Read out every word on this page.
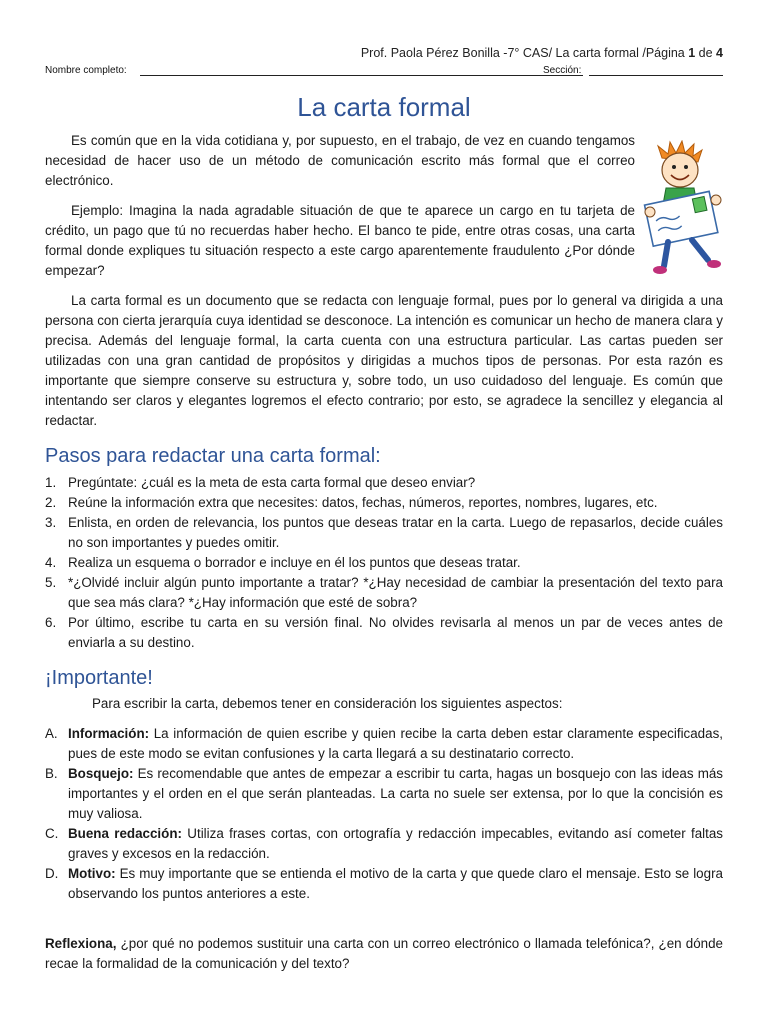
Prof. Paola Pérez Bonilla -7° CAS/ La carta formal /Página 1 de 4
Nombre completo:	Sección:
La carta formal
Es común que en la vida cotidiana y, por supuesto, en el trabajo, de vez en cuando tengamos necesidad de hacer uso de un método de comunicación escrito más formal que el correo electrónico.
Ejemplo: Imagina la nada agradable situación de que te aparece un cargo en tu tarjeta de crédito, un pago que tú no recuerdas haber hecho. El banco te pide, entre otras cosas, una carta formal donde expliques tu situación respecto a este cargo aparentemente fraudulento ¿Por dónde empezar?
La carta formal es un documento que se redacta con lenguaje formal, pues por lo general va dirigida a una persona con cierta jerarquía cuya identidad se desconoce. La intención es comunicar un hecho de manera clara y precisa. Además del lenguaje formal, la carta cuenta con una estructura particular. Las cartas pueden ser utilizadas con una gran cantidad de propósitos y dirigidas a muchos tipos de personas. Por esta razón es importante que siempre conserve su estructura y, sobre todo, un uso cuidadoso del lenguaje. Es común que intentando ser claros y elegantes logremos el efecto contrario; por esto, se agradece la sencillez y elegancia al redactar.
Pasos para redactar una carta formal:
1. Pregúntate: ¿cuál es la meta de esta carta formal que deseo enviar?
2. Reúne la información extra que necesites: datos, fechas, números, reportes, nombres, lugares, etc.
3. Enlista, en orden de relevancia, los puntos que deseas tratar en la carta. Luego de repasarlos, decide cuáles no son importantes y puedes omitir.
4. Realiza un esquema o borrador e incluye en él los puntos que deseas tratar.
5. *¿Olvidé incluir algún punto importante a tratar? *¿Hay necesidad de cambiar la presentación del texto para que sea más clara? *¿Hay información que esté de sobra?
6. Por último, escribe tu carta en su versión final. No olvides revisarla al menos un par de veces antes de enviarla a su destino.
¡Importante!
Para escribir la carta, debemos tener en consideración los siguientes aspectos:
A. Información: La información de quien escribe y quien recibe la carta deben estar claramente especificadas, pues de este modo se evitan confusiones y la carta llegará a su destinatario correcto.
B. Bosquejo: Es recomendable que antes de empezar a escribir tu carta, hagas un bosquejo con las ideas más importantes y el orden en el que serán planteadas. La carta no suele ser extensa, por lo que la concisión es muy valiosa.
C. Buena redacción: Utiliza frases cortas, con ortografía y redacción impecables, evitando así cometer faltas graves y excesos en la redacción.
D. Motivo: Es muy importante que se entienda el motivo de la carta y que quede claro el mensaje. Esto se logra observando los puntos anteriores a este.
Reflexiona, ¿por qué no podemos sustituir una carta con un correo electrónico o llamada telefónica?, ¿en dónde recae la formalidad de la comunicación y del texto?
